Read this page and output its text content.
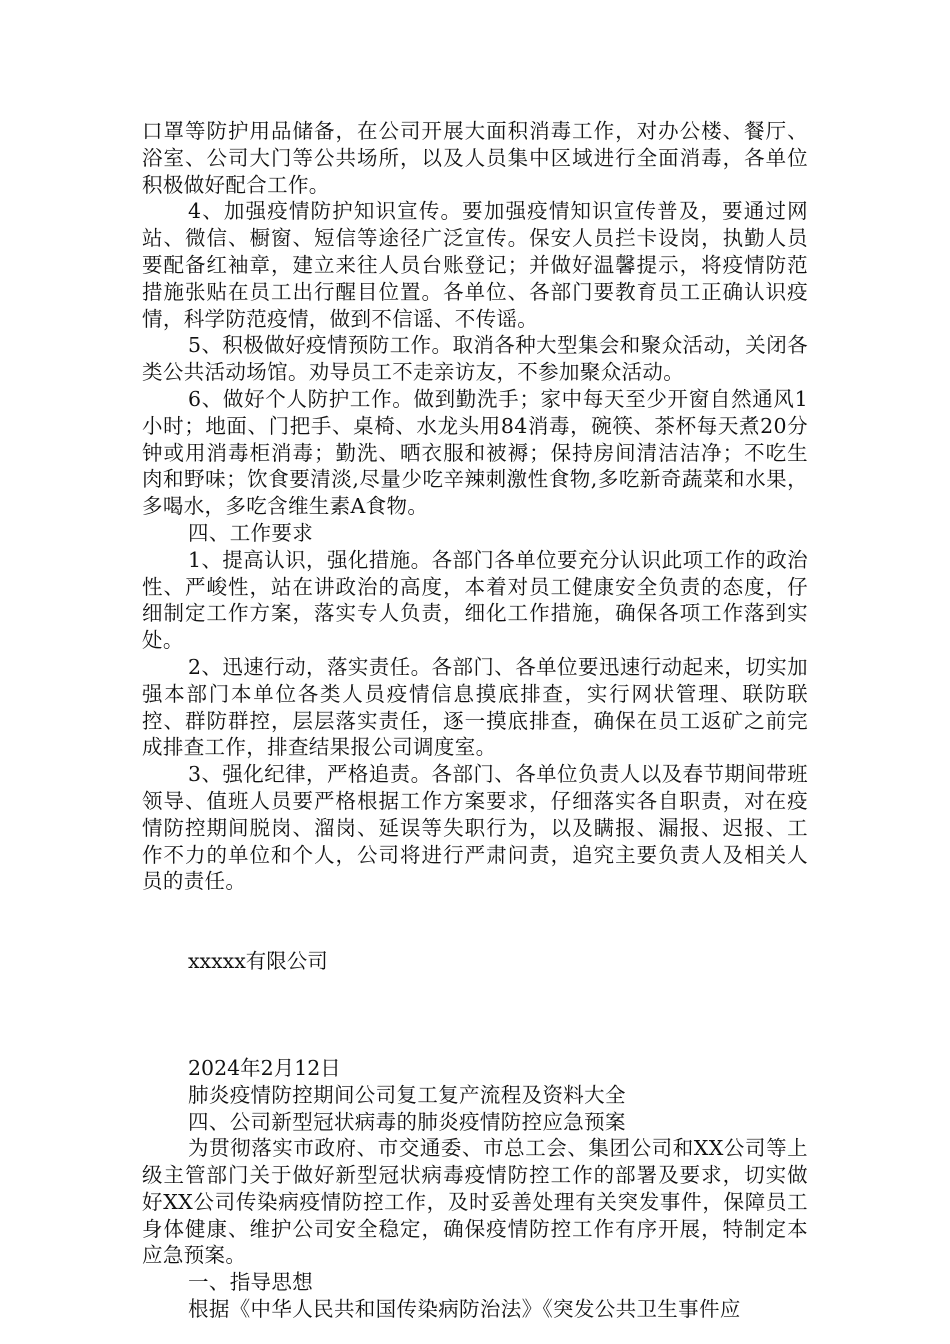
口罩等防护用品储备，在公司开展大面积消毒工作，对办公楼、餐厅、浴室、公司大门等公共场所，以及人员集中区域进行全面消毒，各单位积极做好配合工作。

4、加强疫情防护知识宣传。要加强疫情知识宣传普及，要通过网站、微信、橱窗、短信等途径广泛宣传。保安人员拦卡设岗，执勤人员要配备红袖章，建立来往人员台账登记；并做好温馨提示，将疫情防范措施张贴在员工出行醒目位置。各单位、各部门要教育员工正确认识疫情，科学防范疫情，做到不信谣、不传谣。

5、积极做好疫情预防工作。取消各种大型集会和聚众活动，关闭各类公共活动场馆。劝导员工不走亲访友，不参加聚众活动。

6、做好个人防护工作。做到勤洗手；家中每天至少开窗自然通风1小时；地面、门把手、桌椅、水龙头用84消毒，碗筷、茶杯每天煮20分钟或用消毒柜消毒；勤洗、晒衣服和被褥；保持房间清洁洁净；不吃生肉和野味；饮食要清淡,尽量少吃辛辣刺激性食物,多吃新奇蔬菜和水果，多喝水，多吃含维生素A食物。

四、工作要求

1、提高认识，强化措施。各部门各单位要充分认识此项工作的政治性、严峻性，站在讲政治的高度，本着对员工健康安全负责的态度，仔细制定工作方案，落实专人负责，细化工作措施，确保各项工作落到实处。

2、迅速行动，落实责任。各部门、各单位要迅速行动起来，切实加强本部门本单位各类人员疫情信息摸底排查，实行网状管理、联防联控、群防群控，层层落实责任，逐一摸底排查，确保在员工返矿之前完成排查工作，排查结果报公司调度室。

3、强化纪律，严格追责。各部门、各单位负责人以及春节期间带班领导、值班人员要严格根据工作方案要求，仔细落实各自职责，对在疫情防控期间脱岗、溜岗、延误等失职行为，以及瞒报、漏报、迟报、工作不力的单位和个人，公司将进行严肃问责，追究主要负责人及相关人员的责任。

xxxxx有限公司

2024年2月12日

肺炎疫情防控期间公司复工复产流程及资料大全

四、公司新型冠状病毒的肺炎疫情防控应急预案

为贯彻落实市政府、市交通委、市总工会、集团公司和XX公司等上级主管部门关于做好新型冠状病毒疫情防控工作的部署及要求，切实做好XX公司传染病疫情防控工作，及时妥善处理有关突发事件，保障员工身体健康、维护公司安全稳定，确保疫情防控工作有序开展，特制定本应急预案。

一、指导思想

根据《中华人民共和国传染病防治法》《突发公共卫生事件应
